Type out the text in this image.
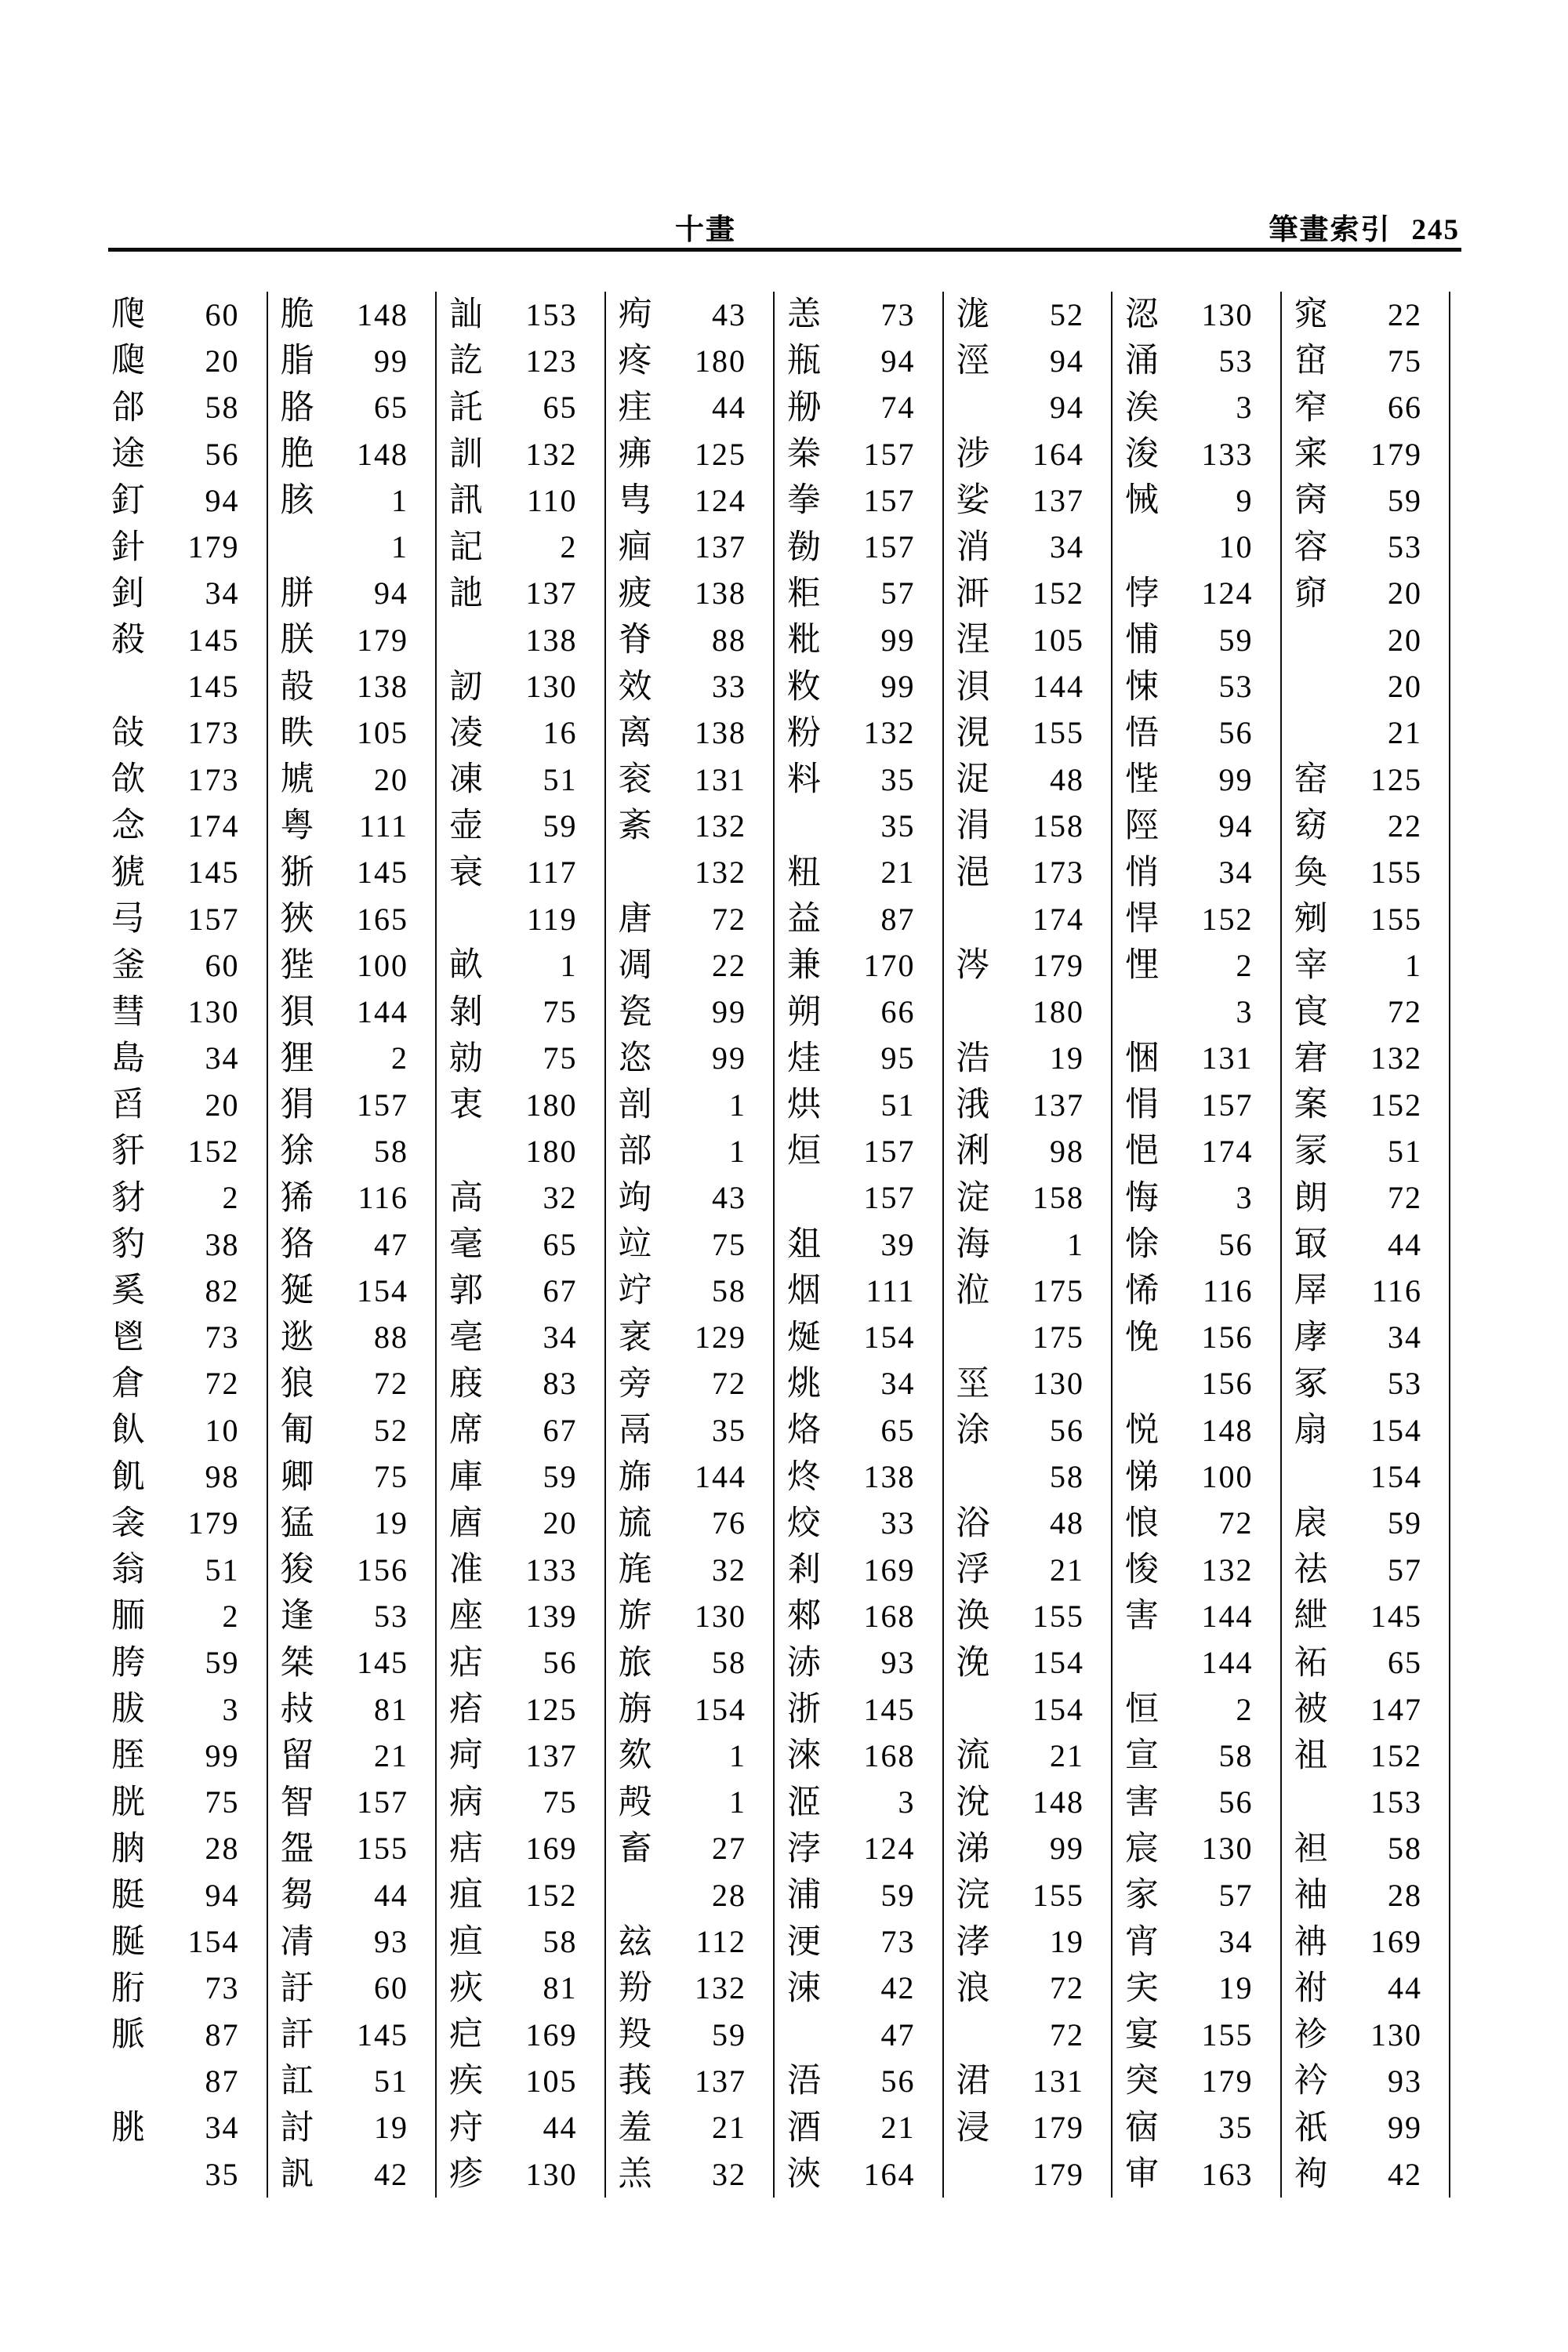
十畫	筆畫索引 245
爮 60
瓟 20
郃 58
途 56
釘 94
針 179
釗 34
殺 145
145
敆 173
欱 173
念 174
猇 145
㢧 157
釜 60
彗 130
島 34
舀 20
豻 152
豺 2
豹 38
奚 82
鬯 73
倉 72
飤 10
飢 98
衾 179
翁 51
胹 2
胯 59
胈 3
胵 99
胱 75
朒 28
脡 94
脠 154
胻 73
脈 87
87
朓 34
35
脆 148
脂 99
胳 65
脃 148
胲 1
1
胼 94
朕 179
㱿 138
眣 105
虓 20
粤 111
狾 145
狹 165
狴 100
狽 144
狸 2
狷 157
狳 58
狶 116
狢 47
狿 154
逖 88
狼 72
匍 52
卿 75
猛 19
狻 156
逢 53
桀 145
敊 81
留 21
智 157
盌 155
芻 44
凊 93
訏 60
訐 145
訌 51
討 19
訉 42
訕 153
訖 123
託 65
訓 132
訊 110
記 2
訑 137
138
訒 130
凌 16
凍 51
壶 59
衰 117
119
畝 1
剝 75
勍 75
衷 180
180
高 32
毫 65
郭 67
亳 34
庪 83
席 67
庫 59
庮 20
准 133
座 139
痁 56
㾂 125
疴 137
病 75
㽽 169
疽 152
疸 58
疢 81
㽶 169
疾 105
疛 44
疹 130
痀 43
疼 180
疰 44
疿 125
㽕 124
痐 137
疲 138
脊 88
效 33
离 138
衮 131
紊 132
132
唐 72
凋 22
瓷 99
恣 99
剖 1
部 1
竘 43
竝 75
竚 58
衺 129
旁 72
鬲 35
旆 144
旈 76
旄 32
旂 130
旅 58
旃 154
欬 1
殸 1
畜 27
28
玆 112
羒 132
羖 59
莪 137
羞 21
羔 32
恙 73
瓶 94
剙 74
桊 157
拳 157
勌 157
粔 57
粃 99
敉 99
粉 132
料 35
35
粈 21
益 87
兼 170
朔 66
烓 95
烘 51
烜 157
157
爼 39
烟 111
烻 154
烑 34
烙 65
炵 138
烄 33
剎 169
郲 168
浾 93
浙 145
淶 168
洍 3
浡 124
浦 59
浭 73
涑 42
47
浯 56
酒 21
浹 164
浝 52
涇 94
94
涉 164
娑 137
消 34
涆 152
涅 105
浿 144
涀 155
浞 48
涓 158
浥 173
174
涔 179
180
浩 19
涐 137
浰 98
淀 158
海 1
涖 175
175
坙 130
涂 56
58
浴 48
浮 21
涣 155
浼 154
154
流 21
涗 148
涕 99
浣 155
涍 19
浪 72
72
涒 131
浸 179
179
涊 130
涌 53
涘 3
浚 133
悈 9
10
悖 124
悑 59
悚 53
悟 56
悂 99
陘 94
悄 34
悍 152
悝 2
3
悃 131
悁 157
悒 174
悔 3
悇 56
悕 116
悗 156
156
悦 148
悌 100
悢 72
悛 132
害 144
144
恒 2
宣 58
害 56
宸 130
家 57
宵 34
宎 19
宴 155
突 179
㝛 35
审 163
窕 22
窋 75
窄 66
宷 179
窉 59
容 53
窌 20
20
20
21
窑 125
窈 22
奐 155
剜 155
宰 1
㝗 72
宭 132
案 152
冡 51
朗 72
冣 44
屖 116
庨 34
冢 53
扇 154
154
扆 59
祛 57
紲 145
袥 65
被 147
祖 152
153
袒 58
袖 28
袡 169
祔 44
袗 130
衿 93
祇 99
袧 42
